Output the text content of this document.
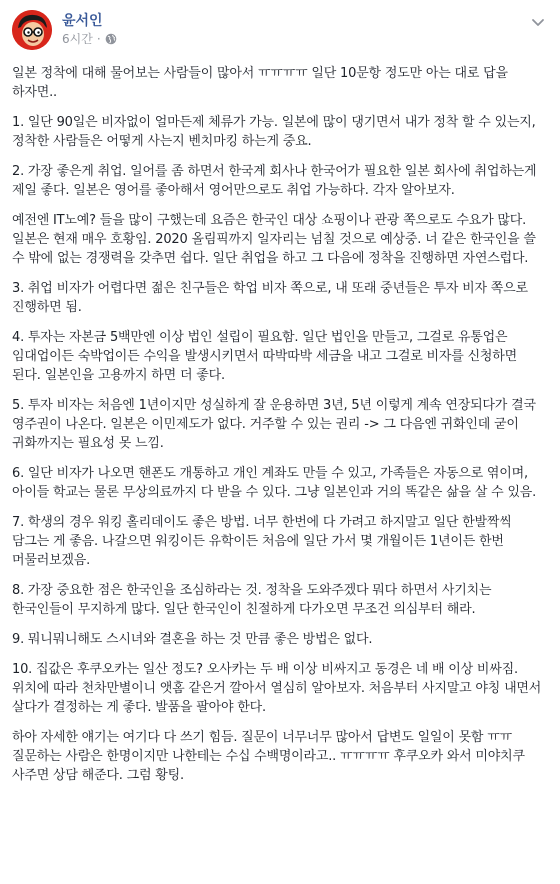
윤서인
6시간 ·

일본 정착에 대해 물어보는 사람들이 많아서 ㅠㅠㅠㅠ 일단 10문항 정도만 아는 대로 답을 하자면..

1. 일단 90일은 비자없이 얼마든제 체류가 가능. 일본에 많이 댕기면서 내가 정착 할 수 있는지, 정착한 사람들은 어떻게 사는지 벤치마킹 하는게 중요.

2. 가장 좋은게 취업. 일어를 좀 하면서 한국계 회사나 한국어가 필요한 일본 회사에 취업하는게 제일 좋다. 일본은 영어를 좋아해서 영어만으로도 취업 가능하다. 각자 알아보자.

예전엔 IT노예? 들을 많이 구했는데 요즘은 한국인 대상 쇼핑이나 관광 쪽으로도 수요가 많다. 일본은 현재 매우 호황임. 2020 올림픽까지 일자리는 넘칠 것으로 예상중. 너 같은 한국인을 쓸 수 밖에 없는 경쟁력을 갖추면 쉽다. 일단 취업을 하고 그 다음에 정착을 진행하면 자연스럽다.

3. 취업 비자가 어렵다면 젊은 친구들은 학업 비자 쪽으로, 내 또래 중년들은 투자 비자 쪽으로 진행하면 됨.

4. 투자는 자본금 5백만엔 이상 법인 설립이 필요함. 일단 법인을 만들고, 그걸로 유통업은 임대업이든 숙박업이든 수익을 발생시키면서 따박따박 세금을 내고 그걸로 비자를 신청하면 된다. 일본인을 고용까지 하면 더 좋다.

5. 투자 비자는 처음엔 1년이지만 성실하게 잘 운용하면 3년, 5년 이렇게 계속 연장되다가 결국 영주권이 나온다. 일본은 이민제도가 없다. 거주할 수 있는 권리 -> 그 다음엔 귀화인데 굳이 귀화까지는 필요성 못 느낌.

6. 일단 비자가 나오면 핸폰도 개통하고 개인 계좌도 만들 수 있고, 가족들은 자동으로 엮이며, 아이들 학교는 물론 무상의료까지 다 받을 수 있다. 그냥 일본인과 거의 똑같은 삶을 살 수 있음.

7. 학생의 경우 워킹 홀리데이도 좋은 방법. 너무 한번에 다 가려고 하지말고 일단 한발짝씩 담그는 게 좋음. 나갈으면 워킹이든 유학이든 처음에 일단 가서 몇 개월이든 1년이든 한번 머물러보겠음.

8. 가장 중요한 점은 한국인을 조심하라는 것. 정착을 도와주겠다 뭐다 하면서 사기치는 한국인들이 무지하게 많다. 일단 한국인이 친절하게 다가오면 무조건 의심부터 해라.

9. 뭐니뭐니해도 스시녀와 결혼을 하는 것 만큼 좋은 방법은 없다.

10. 집값은 후쿠오카는 일산 정도? 오사카는 두 배 이상 비싸지고 동경은 네 배 이상 비싸짐. 위치에 따라 천차만별이니 앳홈 같은거 깔아서 열심히 알아보자. 처음부터 사지말고 야칭 내면서 살다가 결정하는 게 좋다. 발품을 팔아야 한다.

하아 자세한 얘기는 여기다 다 쓰기 힘듬. 질문이 너무너무 많아서 답변도 일일이 못함 ㅠㅠ 질문하는 사람은 한명이지만 나한테는 수십 수백명이라고.. ㅠㅠㅠㅠ 후쿠오카 와서 미야치쿠 사주면 상담 해준다. 그럼 황팅.
